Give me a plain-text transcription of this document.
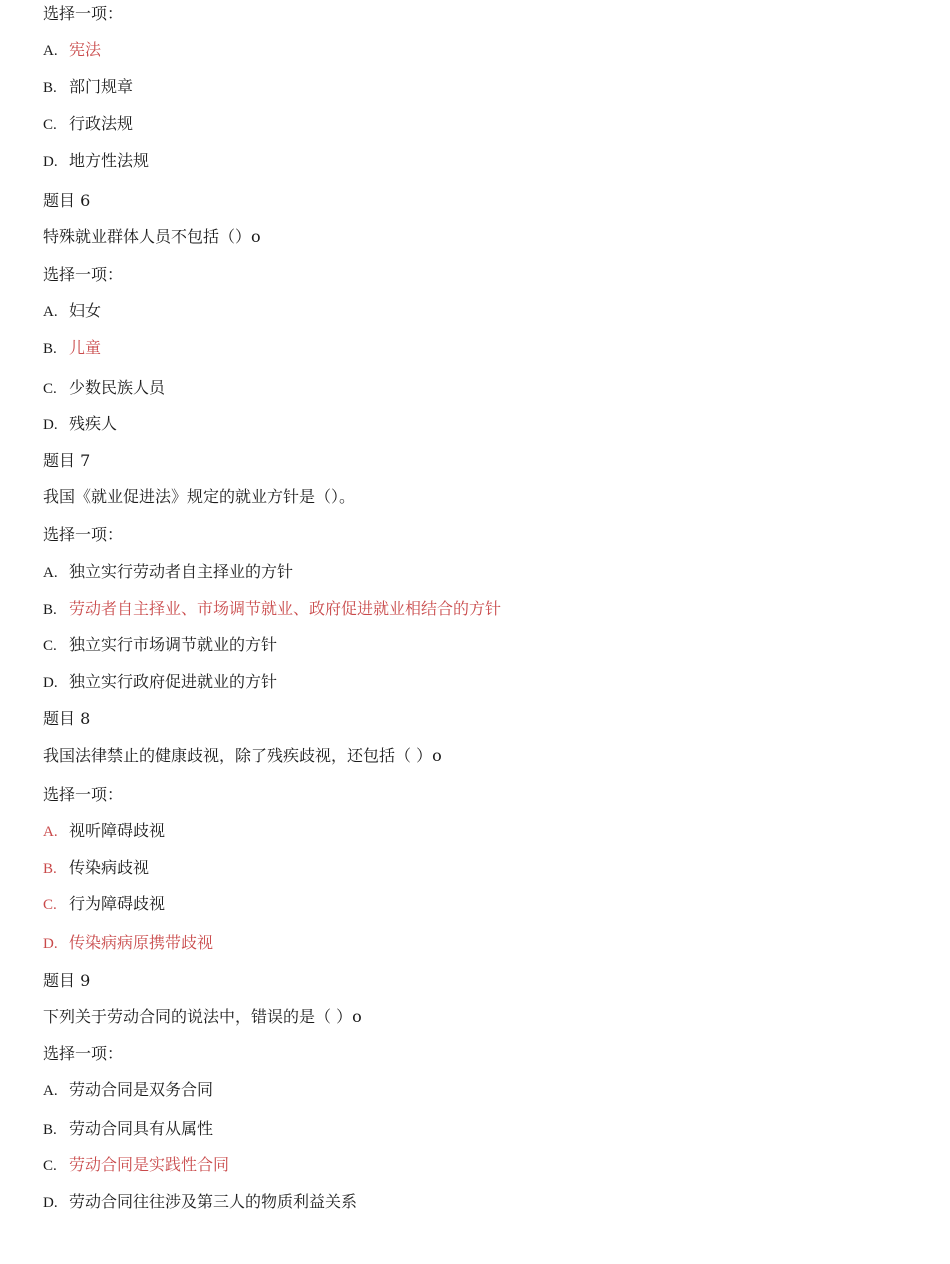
选择一项：
A. 宪法
B. 部门规章
C. 行政法规
D. 地方性法规
题目 6
特殊就业群体人员不包括（）o
选择一项：
A. 妇女
B. 儿童
C. 少数民族人员
D. 残疾人
题目 7
我国《就业促进法》规定的就业方针是（）。
选择一项：
A. 独立实行劳动者自主择业的方针
B. 劳动者自主择业、市场调节就业、政府促进就业相结合的方针
C. 独立实行市场调节就业的方针
D. 独立实行政府促进就业的方针
题目 8
我国法律禁止的健康歧视，除了残疾歧视，还包括（ ）o
选择一项：
A. 视听障碍歧视
B. 传染病歧视
C. 行为障碍歧视
D. 传染病病原携带歧视
题目 9
下列关于劳动合同的说法中，错误的是（ ）o
选择一项：
A. 劳动合同是双务合同
B. 劳动合同具有从属性
C. 劳动合同是实践性合同
D. 劳动合同往往涉及第三人的物质利益关系
